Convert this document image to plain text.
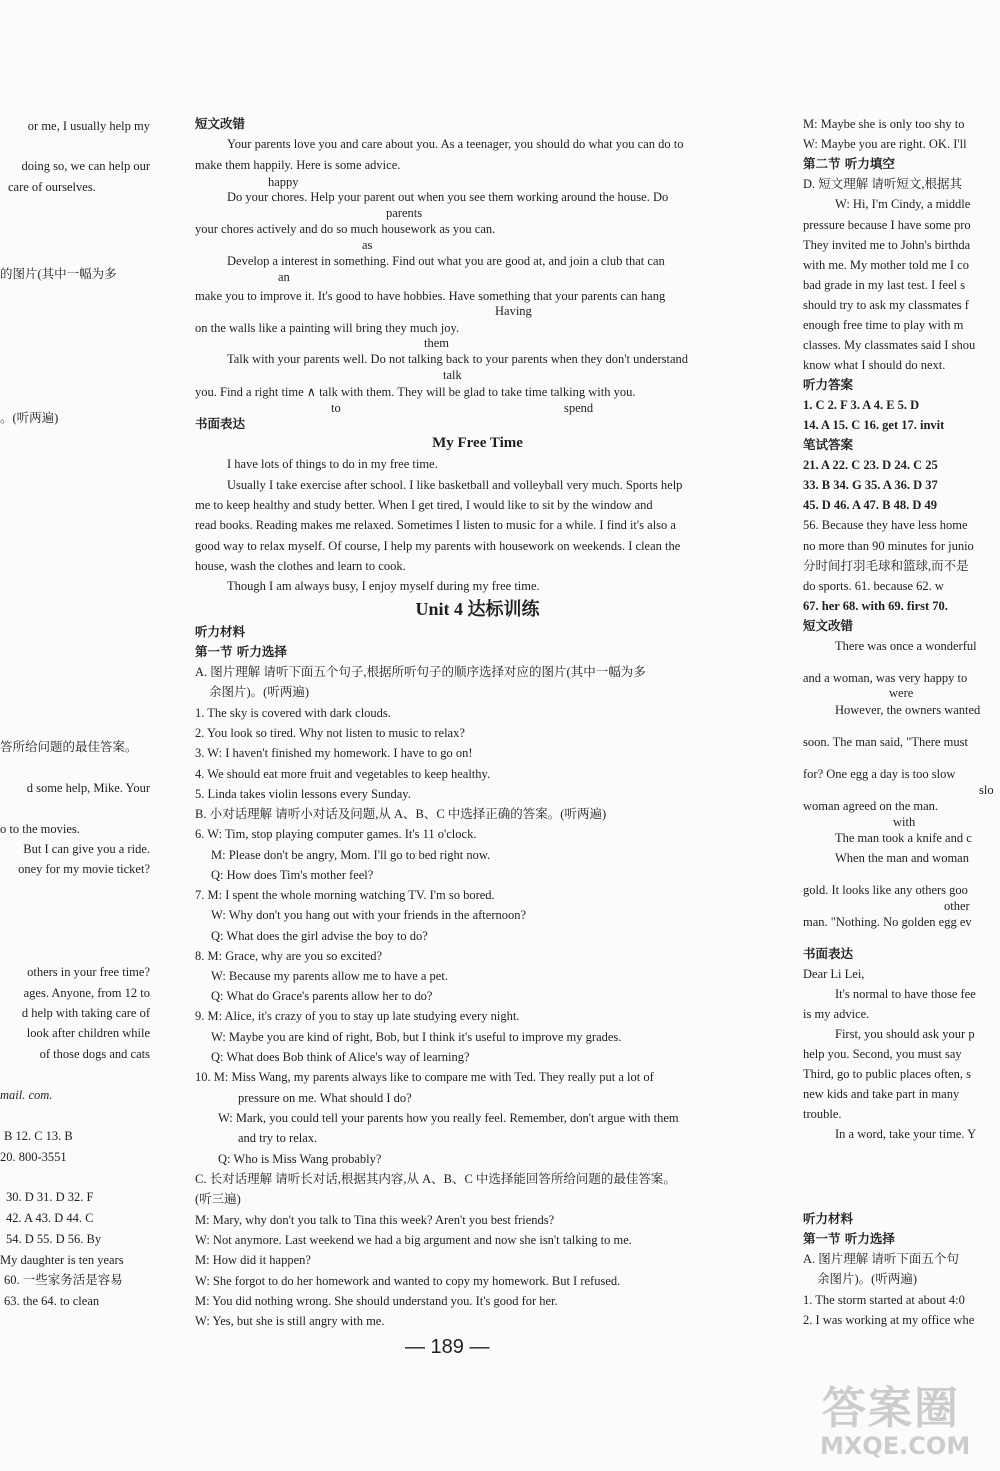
or me, I usually help my
doing so, we can help our
care of ourselves.
的图片(其中一幅为多
。(听两遍)
答所给问题的最佳答案。
d some help, Mike. Your
o to the movies.
But I can give you a ride.
oney for my movie ticket?
others in your free time?
ages. Anyone, from 12 to
d help with taking care of
look after children while
of those dogs and cats
mail. com.
B 12. C 13. B
20. 800-3551
30. D 31. D 32. F
42. A 43. D 44. C
54. D 55. D 56. By
My daughter is ten years
60. 一些家务活是容易
63. the 64. to clean
短文改错
Your parents love you and care about you. As a teenager, you should do what you can do to
make them happily. Here is some advice.
happy
Do your chores. Help your parent out when you see them working around the house. Do
parents
your chores actively and do so much housework as you can.
as
Develop a interest in something. Find out what you are good at, and join a club that can
an
make you to improve it. It's good to have hobbies. Have something that your parents can hang
Having
on the walls like a painting will bring they much joy.
them
Talk with your parents well. Do not talking back to your parents when they don't understand
talk
you. Find a right time ∧ talk with them. They will be glad to take time talking with you.
to	spend
书面表达
My Free Time
I have lots of things to do in my free time.
Usually I take exercise after school. I like basketball and volleyball very much. Sports help
me to keep healthy and study better. When I get tired, I would like to sit by the window and
read books. Reading makes me relaxed. Sometimes I listen to music for a while. I find it's also a
good way to relax myself. Of course, I help my parents with housework on weekends. I clean the
house, wash the clothes and learn to cook.
Though I am always busy, I enjoy myself during my free time.
Unit 4 达标训练
听力材料
第一节 听力选择
A. 图片理解 请听下面五个句子,根据所听句子的顺序选择对应的图片(其中一幅为多
余图片)。(听两遍)
1. The sky is covered with dark clouds.
2. You look so tired. Why not listen to music to relax?
3. W: I haven't finished my homework. I have to go on!
4. We should eat more fruit and vegetables to keep healthy.
5. Linda takes violin lessons every Sunday.
B. 小对话理解 请听小对话及问题,从 A、B、C 中选择正确的答案。(听两遍)
6. W: Tim, stop playing computer games. It's 11 o'clock.
M: Please don't be angry, Mom. I'll go to bed right now.
Q: How does Tim's mother feel?
7. M: I spent the whole morning watching TV. I'm so bored.
W: Why don't you hang out with your friends in the afternoon?
Q: What does the girl advise the boy to do?
8. M: Grace, why are you so excited?
W: Because my parents allow me to have a pet.
Q: What do Grace's parents allow her to do?
9. M: Alice, it's crazy of you to stay up late studying every night.
W: Maybe you are kind of right, Bob, but I think it's useful to improve my grades.
Q: What does Bob think of Alice's way of learning?
10. M: Miss Wang, my parents always like to compare me with Ted. They really put a lot of
pressure on me. What should I do?
W: Mark, you could tell your parents how you really feel. Remember, don't argue with them
and try to relax.
Q: Who is Miss Wang probably?
C. 长对话理解 请听长对话,根据其内容,从 A、B、C 中选择能回答所给问题的最佳答案。
(听三遍)
M: Mary, why don't you talk to Tina this week? Aren't you best friends?
W: Not anymore. Last weekend we had a big argument and now she isn't talking to me.
M: How did it happen?
W: She forgot to do her homework and wanted to copy my homework. But I refused.
M: You did nothing wrong. She should understand you. It's good for her.
W: Yes, but she is still angry with me.
— 189 —
M: Maybe she is only too shy to
W: Maybe you are right. OK. I'll
第二节 听力填空
D. 短文理解 请听短文,根据其
W: Hi, I'm Cindy, a middle
pressure because I have some pro
They invited me to John's birthda
with me. My mother told me I co
bad grade in my last test. I feel s
should try to ask my classmates f
enough free time to play with m
classes. My classmates said I shou
know what I should do next.
听力答案
1. C 2. F 3. A 4. E 5. D
14. A 15. C 16. get 17. invit
笔试答案
21. A 22. C 23. D 24. C 25
33. B 34. G 35. A 36. D 37
45. D 46. A 47. B 48. D 49
56. Because they have less home
no more than 90 minutes for junio
分时间打羽毛球和篮球,而不是
do sports. 61. because 62. w
67. her 68. with 69. first 70.
短文改错
There was once a wonderful
and a woman, was very happy to
were
However, the owners wanted
soon. The man said, "There must
for? One egg a day is too slow
slo
woman agreed on the man.
with
The man took a knife and c
When the man and woman
gold. It looks like any others goo
other
man. "Nothing. No golden egg ev
书面表达
Dear Li Lei,
It's normal to have those fee
is my advice.
First, you should ask your p
help you. Second, you must say
Third, go to public places often, s
new kids and take part in many
trouble.
In a word, take your time. Y
听力材料
第一节 听力选择
A. 图片理解 请听下面五个句
余图片)。(听两遍)
1. The storm started at about 4:0
2. I was working at my office whe
答案圈
MXQE.COM
